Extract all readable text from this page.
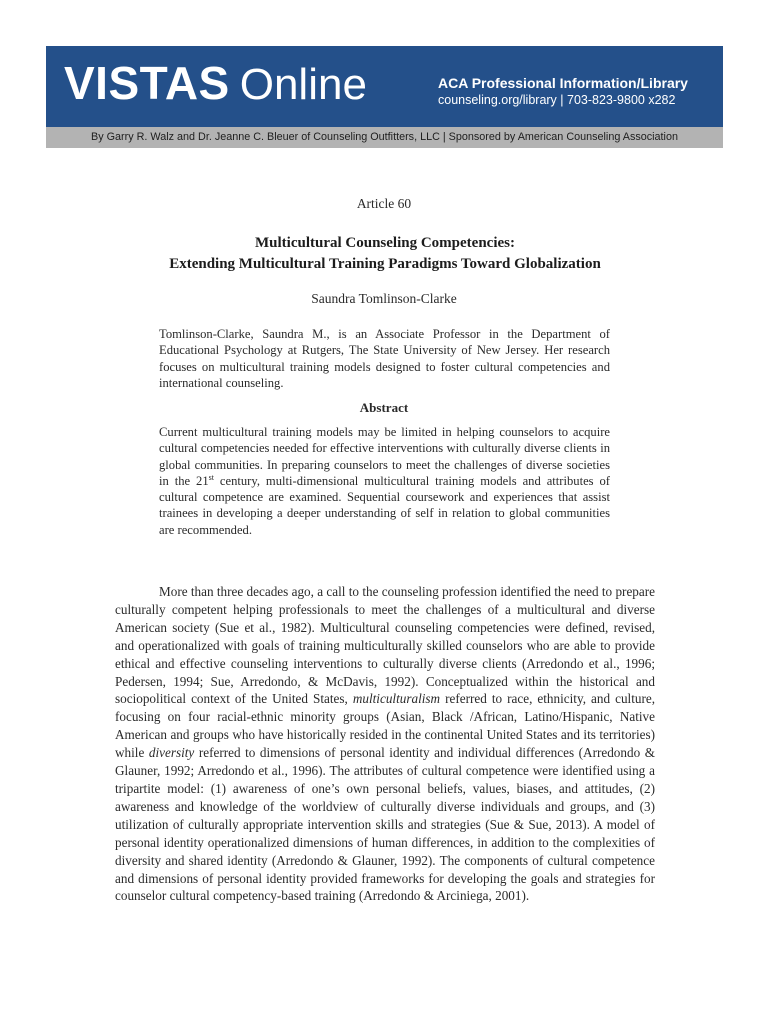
VISTAS Online	ACA Professional Information/Library
counseling.org/library | 703-823-9800 x282
By Garry R. Walz and Dr. Jeanne C. Bleuer of Counseling Outfitters, LLC | Sponsored by American Counseling Association
Article 60
Multicultural Counseling Competencies:
Extending Multicultural Training Paradigms Toward Globalization
Saundra Tomlinson-Clarke

Tomlinson-Clarke, Saundra M., is an Associate Professor in the Department of Educational Psychology at Rutgers, The State University of New Jersey. Her research focuses on multicultural training models designed to foster cultural competencies and international counseling.

Abstract

Current multicultural training models may be limited in helping counselors to acquire cultural competencies needed for effective interventions with culturally diverse clients in global communities. In preparing counselors to meet the challenges of diverse societies in the 21st century, multi-dimensional multicultural training models and attributes of cultural competence are examined. Sequential coursework and experiences that assist trainees in developing a deeper understanding of self in relation to global communities are recommended.

More than three decades ago, a call to the counseling profession identified the need to prepare culturally competent helping professionals to meet the challenges of a multicultural and diverse American society (Sue et al., 1982). Multicultural counseling competencies were defined, revised, and operationalized with goals of training multiculturally skilled counselors who are able to provide ethical and effective counseling interventions to culturally diverse clients (Arredondo et al., 1996; Pedersen, 1994; Sue, Arredondo, & McDavis, 1992). Conceptualized within the historical and sociopolitical context of the United States, multiculturalism referred to race, ethnicity, and culture, focusing on four racial-ethnic minority groups (Asian, Black /African, Latino/Hispanic, Native American and groups who have historically resided in the continental United States and its territories) while diversity referred to dimensions of personal identity and individual differences (Arredondo & Glauner, 1992; Arredondo et al., 1996). The attributes of cultural competence were identified using a tripartite model: (1) awareness of one’s own personal beliefs, values, biases, and attitudes, (2) awareness and knowledge of the worldview of culturally diverse individuals and groups, and (3) utilization of culturally appropriate intervention skills and strategies (Sue & Sue, 2013). A model of personal identity operationalized dimensions of human differences, in addition to the complexities of diversity and shared identity (Arredondo & Glauner, 1992). The components of cultural competence and dimensions of personal identity provided frameworks for developing the goals and strategies for counselor cultural competency-based training (Arredondo & Arciniega, 2001).
